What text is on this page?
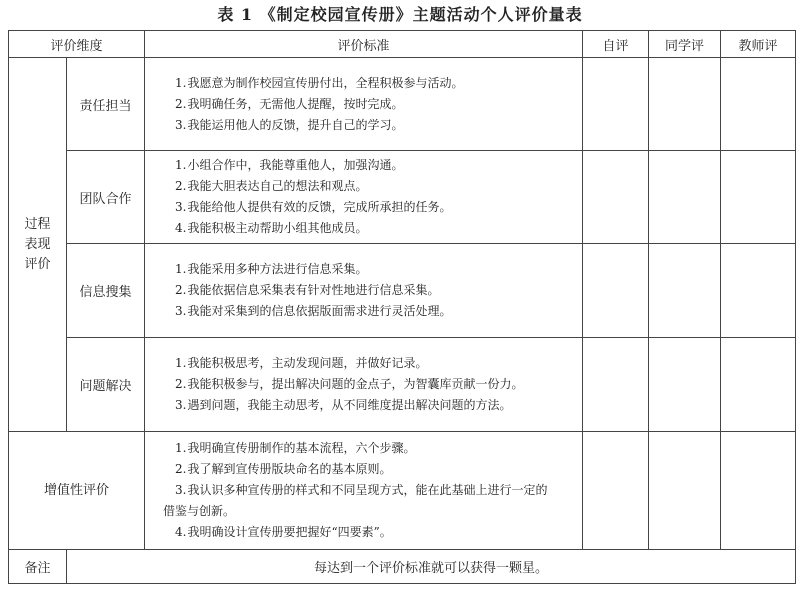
表 1 《制定校园宣传册》主题活动个人评价量表
评价维度		评价标准	自评	同学评	教师评

过程
表现
评价	责任担当	1.我愿意为制作校园宣传册付出，全程积极参与活动。
2.我明确任务，无需他人提醒，按时完成。
3.我能运用他人的反馈，提升自己的学习。			

	团队合作	1.小组合作中，我能尊重他人，加强沟通。
2.我能大胆表达自己的想法和观点。
3.我能给他人提供有效的反馈，完成所承担的任务。
4.我能积极主动帮助小组其他成员。			

	信息搜集	1.我能采用多种方法进行信息采集。
2.我能依据信息采集表有针对性地进行信息采集。
3.我能对采集到的信息依据版面需求进行灵活处理。			

	问题解决	1.我能积极思考，主动发现问题，并做好记录。
2.我能积极参与，提出解决问题的金点子，为智囊库贡献一份力。
3.遇到问题，我能主动思考，从不同维度提出解决问题的方法。			

增值性评价		1.我明确宣传册制作的基本流程，六个步骤。
2.我了解到宣传册版块命名的基本原则。
3.我认识多种宣传册的样式和不同呈现方式，能在此基础上进行一定的
借鉴与创新。
4.我明确设计宣传册要把握好“四要素”。			

备注	每达到一个评价标准就可以获得一颗星。				
